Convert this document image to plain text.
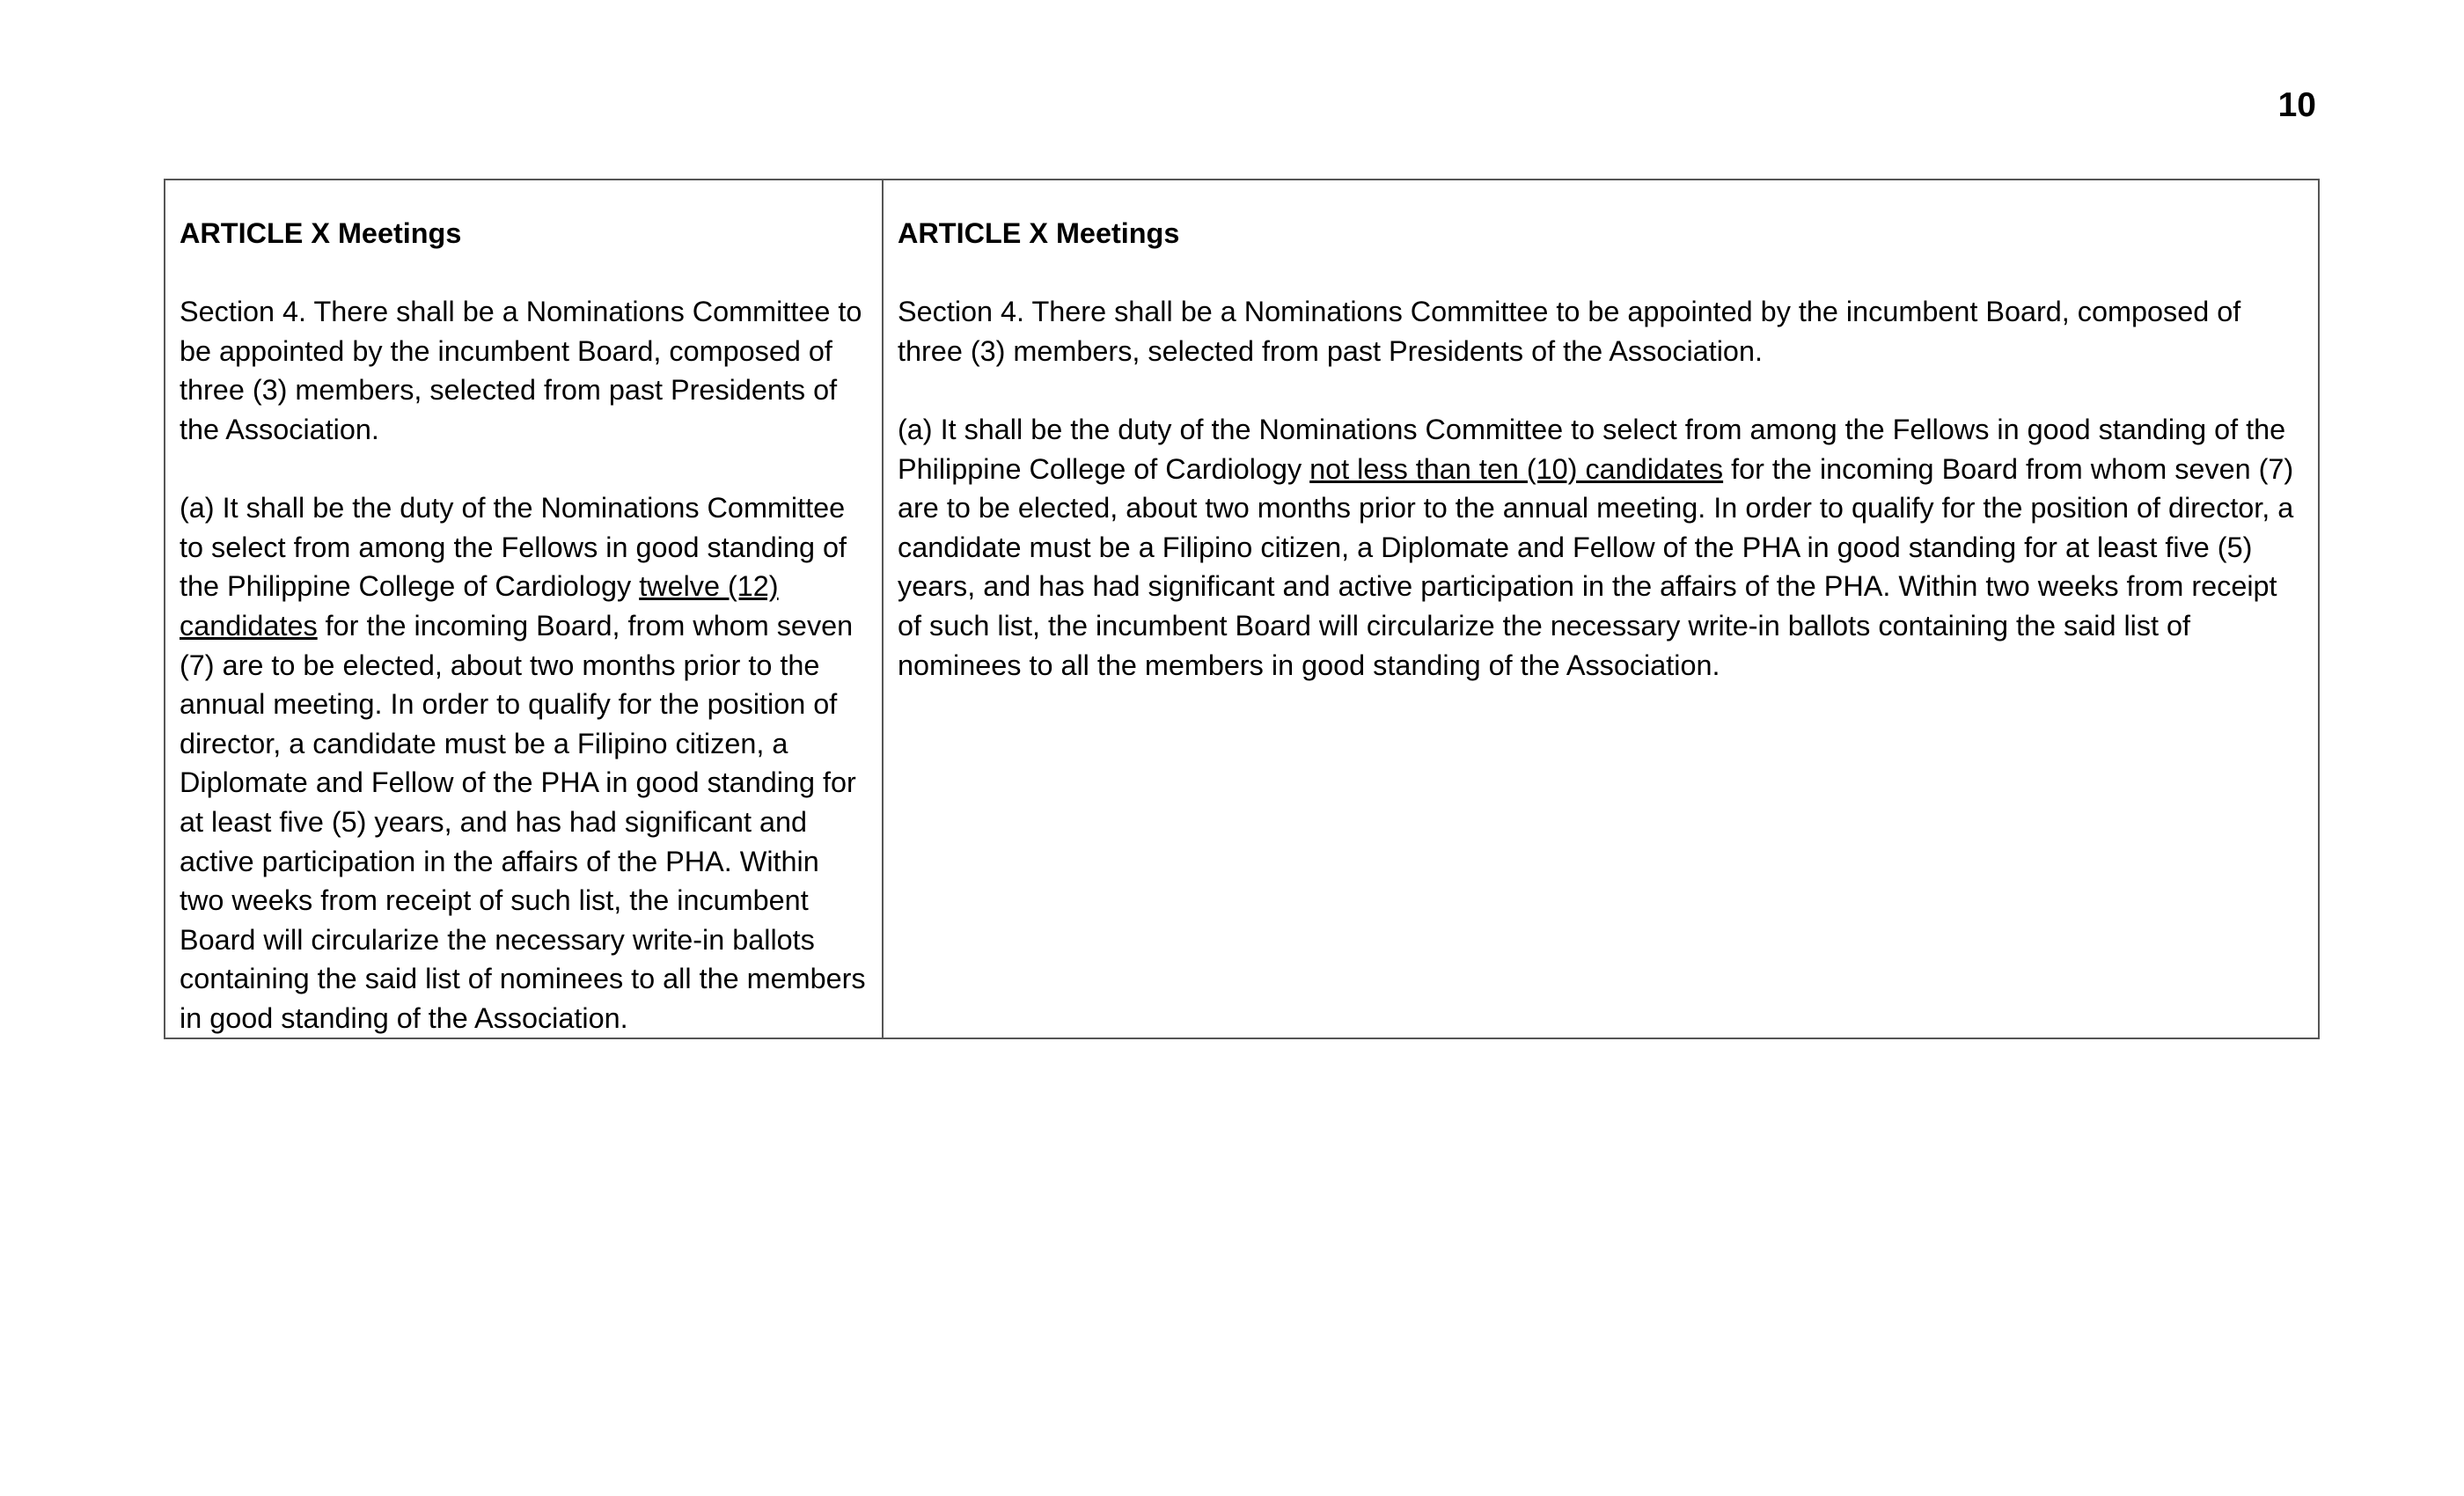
10
ARTICLE X Meetings
Section 4. There shall be a Nominations Committee to be appointed by the incumbent Board, composed of three (3) members, selected from past Presidents of the Association.
(a) It shall be the duty of the Nominations Committee to select from among the Fellows in good standing of the Philippine College of Cardiology twelve (12) candidates for the incoming Board, from whom seven (7) are to be elected, about two months prior to the annual meeting. In order to qualify for the position of director, a candidate must be a Filipino citizen, a Diplomate and Fellow of the PHA in good standing for at least five (5) years, and has had significant and active participation in the affairs of the PHA. Within two weeks from receipt of such list, the incumbent Board will circularize the necessary write-in ballots containing the said list of nominees to all the members in good standing of the Association.
ARTICLE X Meetings
Section 4. There shall be a Nominations Committee to be appointed by the incumbent Board, composed of three (3) members, selected from past Presidents of the Association.
(a) It shall be the duty of the Nominations Committee to select from among the Fellows in good standing of the Philippine College of Cardiology not less than ten (10) candidates for the incoming Board from whom seven (7) are to be elected, about two months prior to the annual meeting. In order to qualify for the position of director, a candidate must be a Filipino citizen, a Diplomate and Fellow of the PHA in good standing for at least five (5) years, and has had significant and active participation in the affairs of the PHA. Within two weeks from receipt of such list, the incumbent Board will circularize the necessary write-in ballots containing the said list of nominees to all the members in good standing of the Association.
